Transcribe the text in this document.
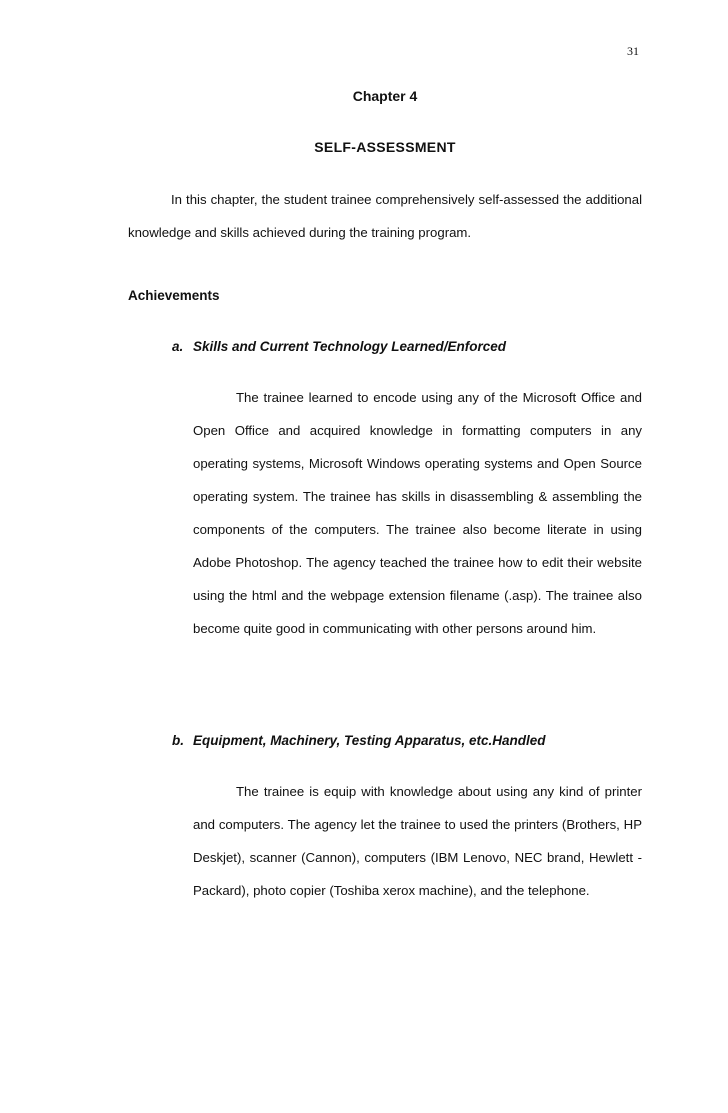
31
Chapter 4
SELF-ASSESSMENT

In this chapter, the student trainee comprehensively self-assessed the additional knowledge and skills achieved during the training program.

Achievements
a. Skills and Current Technology Learned/Enforced

The trainee learned to encode using any of the Microsoft Office and Open Office and acquired knowledge in formatting computers in any operating systems, Microsoft Windows operating systems and Open Source operating system. The trainee has skills in disassembling & assembling the components of the computers. The trainee also become literate in using Adobe Photoshop. The agency teached the trainee how to edit their website using the html and the webpage extension filename (.asp). The trainee also become quite good in communicating with other persons around him.

b. Equipment, Machinery, Testing Apparatus, etc.Handled

The trainee is equip with knowledge about using any kind of printer and computers. The agency let the trainee to used the printers (Brothers, HP Deskjet), scanner (Cannon), computers (IBM Lenovo, NEC brand, Hewlett - Packard), photo copier (Toshiba xerox machine), and the telephone.
